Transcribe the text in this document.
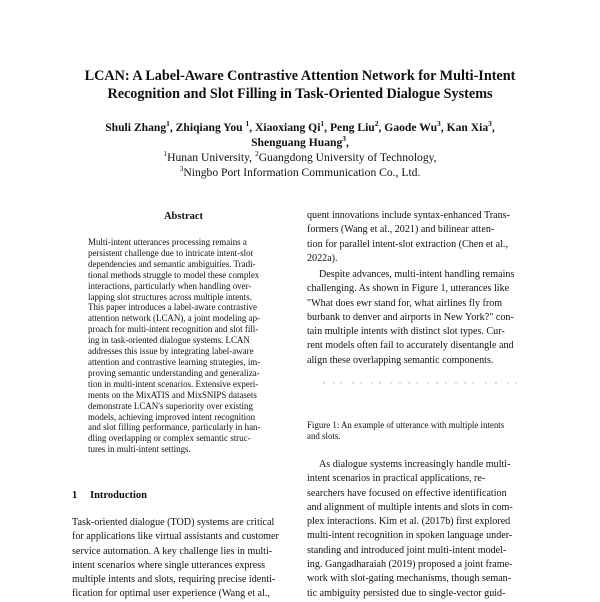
LCAN: A Label-Aware Contrastive Attention Network for Multi-Intent
Recognition and Slot Filling in Task-Oriented Dialogue Systems
Shuli Zhang$^1$, Zhiqiang You $^1$, Xiaoxiang Qi$^1$, Peng Liu$^2$, Gaode Wu$^3$, Kan Xia$^3$,
Shenguang Huang$^3$,
$^1$Hunan University, $^2$Guangdong University of Technology,
$^3$Ningbo Port Information Communication Co., Ltd.
Abstract
Multi-intent utterances processing remains a
persistent challenge due to intricate intent-slot
dependencies and semantic ambiguities. Tradi-
tional methods struggle to model these complex
interactions, particularly when handling over-
lapping slot structures across multiple intents.
This paper introduces a label-aware contrastive
attention network (LCAN), a joint modeling ap-
proach for multi-intent recognition and slot fill-
ing in task-oriented dialogue systems. LCAN
addresses this issue by integrating label-aware
attention and contrastive learning strategies, im-
proving semantic understanding and generaliza-
tion in multi-intent scenarios. Extensive experi-
ments on the MixATIS and MixSNIPS datasets
demonstrate LCAN's superiority over existing
models, achieving improved intent recognition
and slot filling performance, particularly in han-
dling overlapping or complex semantic struc-
tures in multi-intent settings.
1 Introduction
Task-oriented dialogue (TOD) systems are critical
for applications like virtual assistants and customer
service automation. A key challenge lies in multi-
intent scenarios where single utterances express
multiple intents and slots, requiring precise identi-
fication for optimal user experience (Wang et al.,
quent innovations include syntax-enhanced Trans-
formers (Wang et al., 2021) and bilinear atten-
tion for parallel intent-slot extraction (Chen et al.,
2022a).
Despite advances, multi-intent handling remains
challenging. As shown in Figure 1, utterances like
"What does ewr stand for, what airlines fly from
burbank to denver and airports in New York?" con-
tain multiple intents with distinct slot types. Cur-
rent models often fail to accurately disentangle and
align these overlapping semantic components.
Figure 1: An example of utterance with multiple intents
and slots.
As dialogue systems increasingly handle multi-
intent scenarios in practical applications, re-
searchers have focused on effective identification
and alignment of multiple intents and slots in com-
plex interactions. Kim et al. (2017b) first explored
multi-intent recognition in spoken language under-
standing and introduced joint multi-intent model-
ing. Gangadharaiah (2019) proposed a joint frame-
work with slot-gating mechanisms, though seman-
tic ambiguity persisted due to single-vector guid-
